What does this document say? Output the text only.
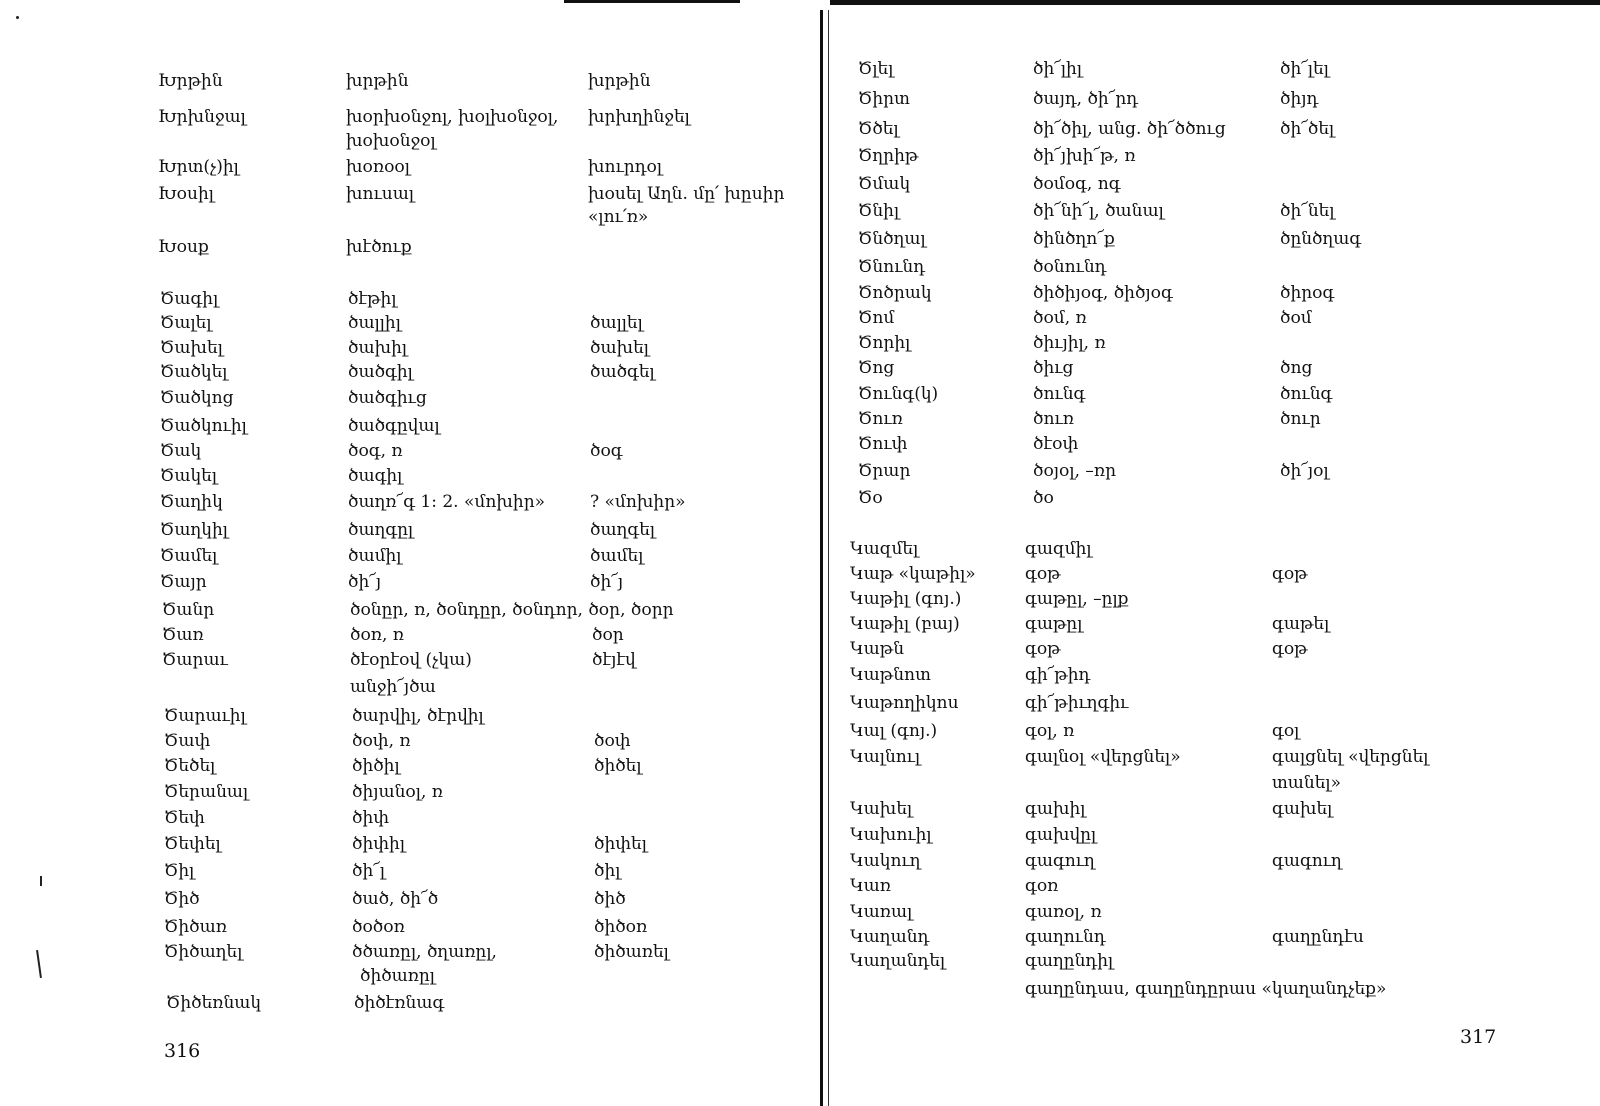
Խրթին	խրթին	խրթին
Խրխնջալ	խօրխօնջոլ, խօլխօնջօլ, խրխղինջել
խօխօնջօլ
Խրտ(չ)իլ	խօռօօլ	խուրդօլ
Խօսիլ	խուսալ	խօսել Աղն. մը՛ խըսիր
«լու՛ռ»
Խօսք	խէծուք
Ծագիլ	ծէթիլ
Ծալել	ծալլիլ	ծալլել
Ծախել	ծախիլ	ծախել
Ծածկել	ծածգիլ	ծածգել
Ծածկոց	ծածգիւց
Ծածկուիլ	ծածգըվալ
Ծակ	ծօգ, ռ	ծօգ
Ծակել	ծագիլ
Ծաղիկ	ծաղռ՜գ 1: 2. «մոխիր»	? «մոխիր»
Ծաղկիլ	ծաղգըլ	ծաղգել
Ծամել	ծամիլ	ծամել
Ծայր	ծի՜յ	ծի՜յ
Ծանր	ծօնըր, ռ, ծօնդըր, ծօնդոր, ծօր, ծօրր
Ծառ	ծօռ, ռ	ծօր
Ծարաւ	ծէօրէօվ (չկա)	ծէյէվ
անջի՜յծա
Ծարաւիլ	ծարվիլ, ծէրվիլ
Ծափ	ծօփ, ռ	ծօփ
Ծեծել	ծիծիլ	ծիծել
Ծերանալ	ծիյանօլ, ռ
Ծեփ	ծիփ
Ծեփել	ծիփիլ	ծիփել
Ծիլ	ծի՜լ	ծիլ
Ծիծ	ծած, ծի՜ծ	ծիծ
Ծիծառ	ծօծօռ	ծիծօռ
Ծիծաղել	ծծառըլ, ծղառըլ,	ծիծառել
ծիծառըլ
Ծիծեռնակ	ծիծէռնագ
316
Ծլել	ծի՜լիլ	ծի՜լել
Ծիրտ	ծայդ, ծի՜րդ	ծիյդ
Ծծել	ծի՜ծիլ, անց. ծի՜ծծուց	ծի՜ծել
Ծղրիթ	ծի՜յխի՜թ, ռ
Ծմակ	ծօմօգ, ոգ
Ծնիլ	ծի՜նի՜լ, ծանալ	ծի՜նել
Ծնծղալ	ծինծղո՜ք	ծընծղագ
Ծնունդ	ծօնունդ
Ծոծրակ	ծիծիյօգ, ծիծյօգ	ծիրօգ
Ծոմ	ծօմ, ռ	ծօմ
Ծորիլ	ծիւյիլ, ռ
Ծոց	ծիւց	ծոց
Ծունգ(կ)	ծունգ	ծունգ
Ծուռ	ծուռ	ծուր
Ծուփ	ծէօփ
Ծրար	ծօյօլ, –ռր	ծի՜յօլ
Ծօ	ծօ
Կազմել	գազմիլ
Կաթ «կաթիլ»	գօթ	գօթ
Կաթիլ (գոյ.)	գաթըլ, –ըլք
Կաթիլ (բայ)	գաթըլ	գաթել
Կաթն	գօթ	գօթ
Կաթնոտ	գի՜թիդ
Կաթողիկոս	գի՜թիւղգիւ
Կալ (գոյ.)	գօլ, ռ	գօլ
Կալնուլ	գալնօլ «վերցնել»	գալցնել «վերցնել
տանել»
Կախել	գախիլ	գախել
Կախուիլ	գախվըլ
Կակուղ	գագուղ	գագուղ
Կառ	գօռ
Կառալ	գառօլ, ռ
Կաղանդ	գաղունդ	գաղընդէս
Կաղանդել	գաղընդիլ
գաղընդաս, գաղընդըրաս «կաղանդչեք»
317
